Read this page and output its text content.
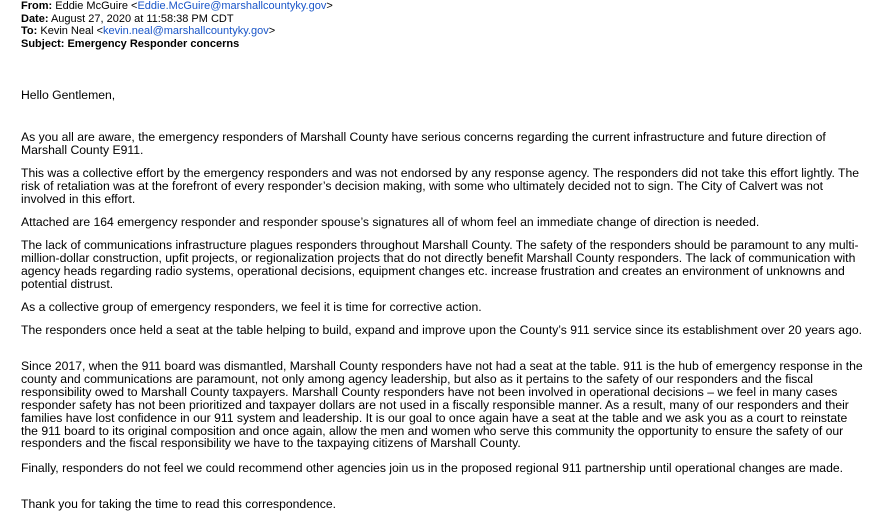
From: Eddie McGuire <Eddie.McGuire@marshallcountyky.gov>
Date: August 27, 2020 at 11:58:38 PM CDT
To: Kevin Neal <kevin.neal@marshallcountyky.gov>
Subject: Emergency Responder concerns
Hello Gentlemen,

As you all are aware, the emergency responders of Marshall County have serious concerns regarding the current infrastructure and future direction of Marshall County E911.

This was a collective effort by the emergency responders and was not endorsed by any response agency. The responders did not take this effort lightly. The risk of retaliation was at the forefront of every responder’s decision making, with some who ultimately decided not to sign. The City of Calvert was not involved in this effort.

Attached are 164 emergency responder and responder spouse’s signatures all of whom feel an immediate change of direction is needed.

The lack of communications infrastructure plagues responders throughout Marshall County. The safety of the responders should be paramount to any multi-million-dollar construction, upfit projects, or regionalization projects that do not directly benefit Marshall County responders. The lack of communication with agency heads regarding radio systems, operational decisions, equipment changes etc. increase frustration and creates an environment of unknowns and potential distrust.

As a collective group of emergency responders, we feel it is time for corrective action.

The responders once held a seat at the table helping to build, expand and improve upon the County’s 911 service since its establishment over 20 years ago.

Since 2017, when the 911 board was dismantled, Marshall County responders have not had a seat at the table. 911 is the hub of emergency response in the county and communications are paramount, not only among agency leadership, but also as it pertains to the safety of our responders and the fiscal responsibility owed to Marshall County taxpayers. Marshall County responders have not been involved in operational decisions – we feel in many cases responder safety has not been prioritized and taxpayer dollars are not used in a fiscally responsible manner. As a result, many of our responders and their families have lost confidence in our 911 system and leadership. It is our goal to once again have a seat at the table and we ask you as a court to reinstate the 911 board to its original composition and once again, allow the men and women who serve this community the opportunity to ensure the safety of our responders and the fiscal responsibility we have to the taxpaying citizens of Marshall County.

Finally, responders do not feel we could recommend other agencies join us in the proposed regional 911 partnership until operational changes are made.

Thank you for taking the time to read this correspondence.
